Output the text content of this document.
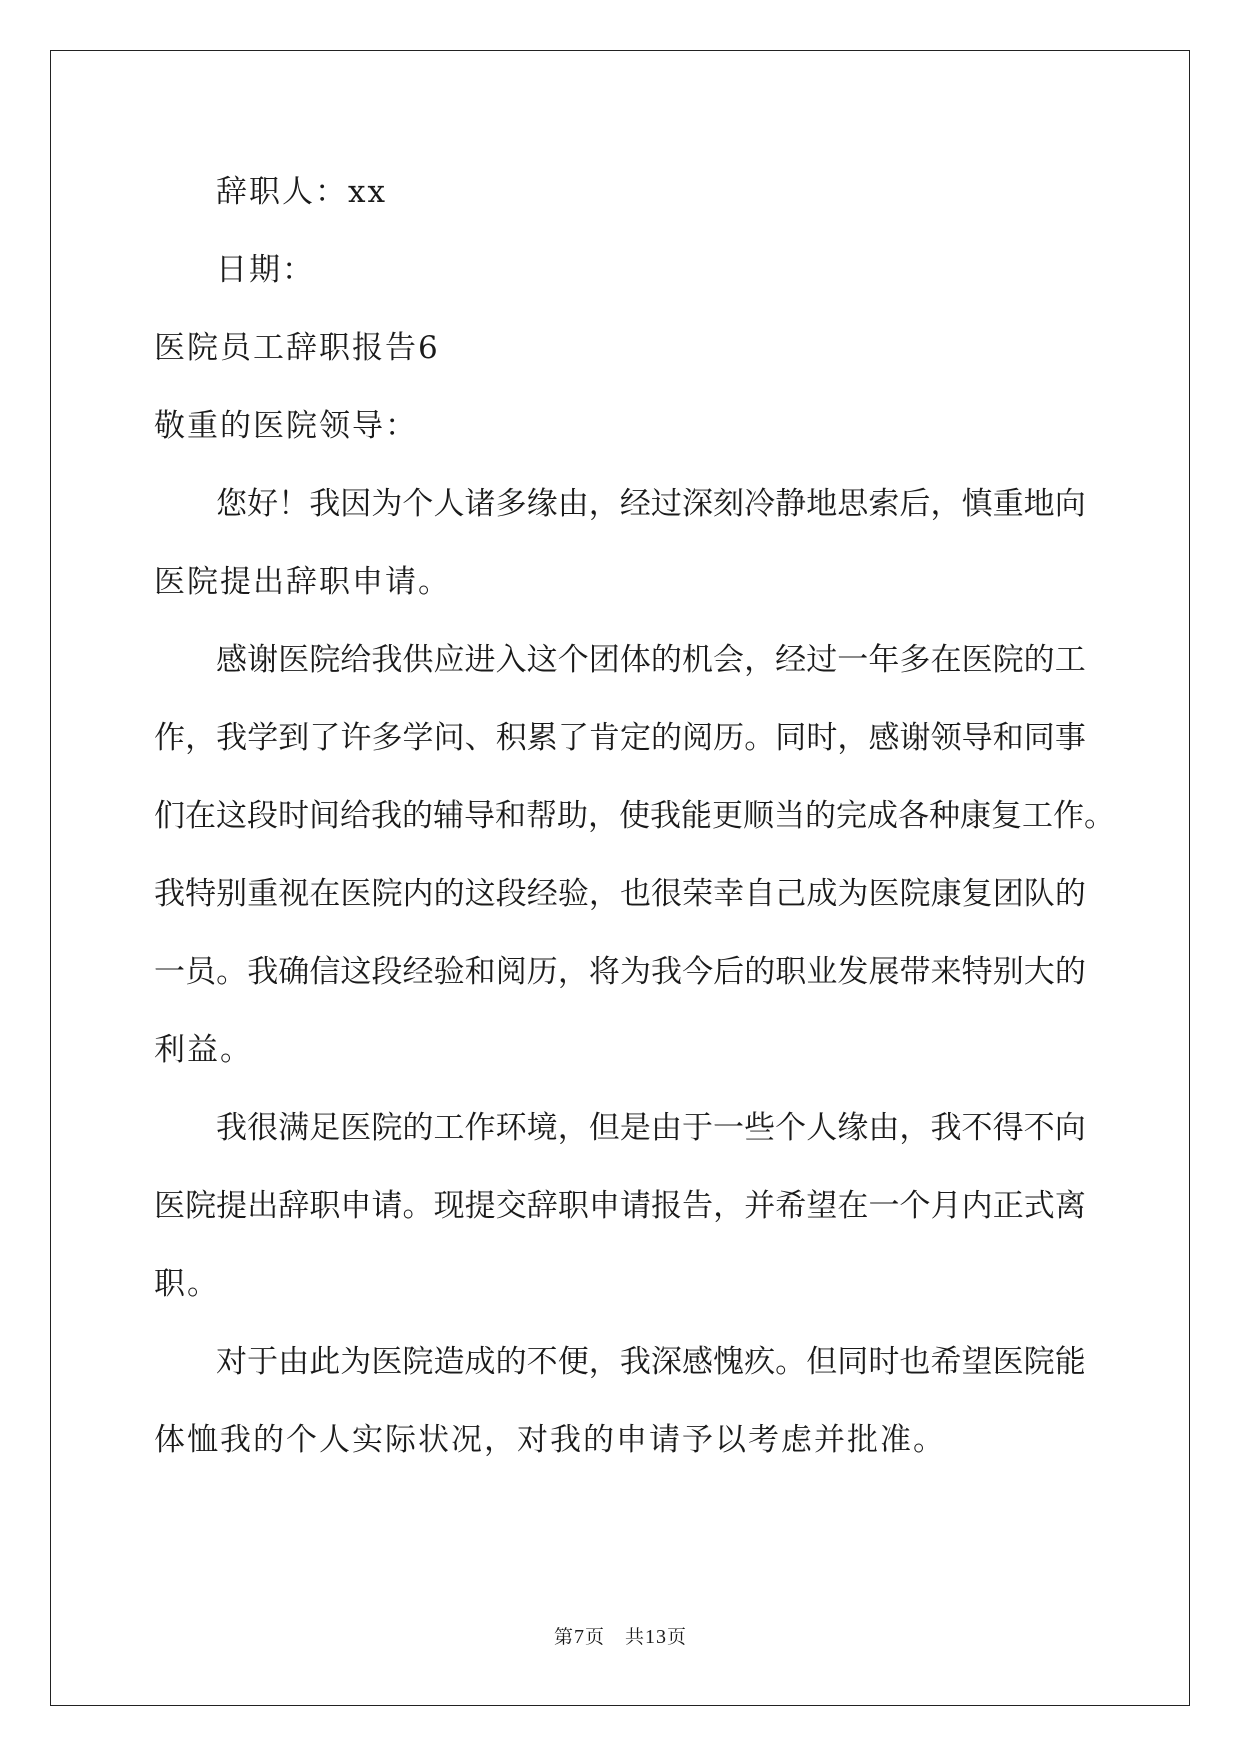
辞职人：xx
日期：
医院员工辞职报告6
敬重的医院领导：
您 好 ！ 我 因 为 个 人 诸 多 缘 由 ， 经 过 深 刻 冷 静 地 思 索 后 ， 慎 重 地 向
医院提出辞职申请。
感 谢 医 院 给 我 供 应 进 入 这 个 团 体 的 机 会 ， 经 过 一 年 多 在 医 院 的 工
作 ， 我 学 到 了 许 多 学 问 、 积 累 了 肯 定 的 阅 历 。 同 时 ， 感 谢 领 导 和 同 事
们 在 这 段 时 间 给 我 的 辅 导 和 帮 助 ， 使 我 能 更 顺 当 的 完 成 各 种 康 复 工 作 。
我 特 别 重 视 在 医 院 内 的 这 段 经 验 ， 也 很 荣 幸 自 己 成 为 医 院 康 复 团 队 的
一 员 。 我 确 信 这 段 经 验 和 阅 历 ， 将 为 我 今 后 的 职 业 发 展 带 来 特 别 大 的
利益。
我 很 满 足 医 院 的 工 作 环 境 ， 但 是 由 于 一 些 个 人 缘 由 ， 我 不 得 不 向
医 院 提 出 辞 职 申 请 。 现 提 交 辞 职 申 请 报 告 ， 并 希 望 在 一 个 月 内 正 式 离
职。
对 于 由 此 为 医 院 造 成 的 不 便 ， 我 深 感 愧 疚 。 但 同 时 也 希 望 医 院 能
体恤我的个人实际状况，对我的申请予以考虑并批准。
第7页　共13页
